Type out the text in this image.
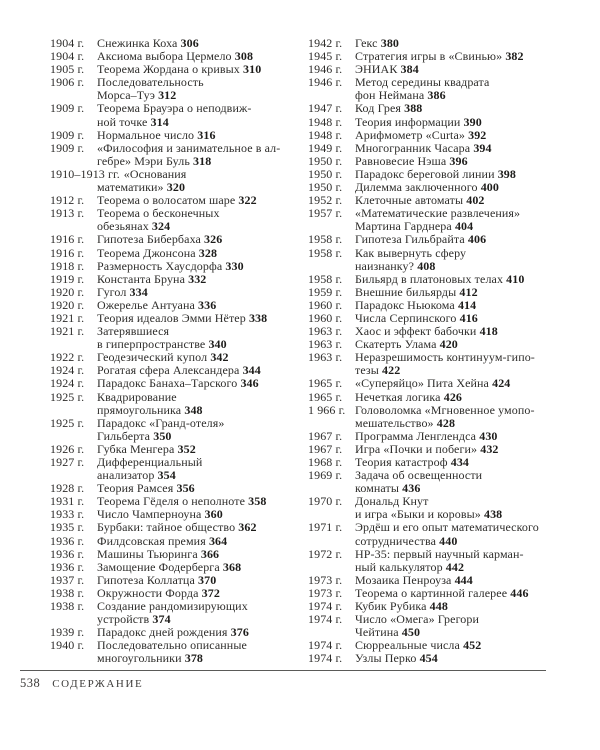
1904 г. Снежинка Коха 306

1904 г. Аксиома выбора Цермело 308

1905 г. Теорема Жордана о кривых 310

1906 г. Последовательность
Морса–Туэ 312

1909 г. Теорема Брауэра о неподвиж-
ной точке 314

1909 г. Нормальное число 316

1909 г. «Философия и занимательное в ал-
гебре» Мэри Буль 318

1910–1913 гг. «Основания
математики» 320

1912 г. Теорема о волосатом шаре 322

1913 г. Теорема о бесконечных
обезьянах 324

1916 г. Гипотеза Бибербаха 326

1916 г. Теорема Джонсона 328

1918 г. Размерность Хаусдорфа 330

1919 г. Константа Бруна 332

1920 г. Гугол 334

1920 г. Ожерелье Антуана 336

1921 г. Теория идеалов Эмми Нётер 338

1921 г. Затерявшиеся
в гиперпространстве 340

1922 г. Геодезический купол 342

1924 г. Рогатая сфера Александера 344

1924 г. Парадокс Банаха–Тарского 346

1925 г. Квадрирование
прямоугольника 348

1925 г. Парадокс «Гранд-отеля»
Гильберта 350

1926 г. Губка Менгера 352

1927 г. Дифференциальный
анализатор 354

1928 г. Теория Рамсея 356

1931 г. Теорема Гёделя о неполноте 358

1933 г. Число Чамперноуна 360

1935 г. Бурбаки: тайное общество 362

1936 г. Филдсовская премия 364

1936 г. Машины Тьюринга 366

1936 г. Замощение Фодерберга 368

1937 г. Гипотеза Коллатца 370

1938 г. Окружности Форда 372

1938 г. Создание рандомизирующих
устройств 374

1939 г. Парадокс дней рождения 376

1940 г. Последовательно описанные
многоугольники 378

1942 г. Гекс 380

1945 г. Стратегия игры в «Свинью» 382

1946 г. ЭНИАК 384

1946 г. Метод середины квадрата
фон Неймана 386

1947 г. Код Грея 388

1948 г. Теория информации 390

1948 г. Арифмометр «Curta» 392

1949 г. Многогранник Часара 394

1950 г. Равновесие Нэша 396

1950 г. Парадокс береговой линии 398

1950 г. Дилемма заключенного 400

1952 г. Клеточные автоматы 402

1957 г. «Математические развлечения»
Мартина Гарднера 404

1958 г. Гипотеза Гильбрайта 406

1958 г. Как вывернуть сферу
наизнанку? 408

1958 г. Бильярд в платоновых телах 410

1959 г. Внешние бильярды 412

1960 г. Парадокс Ньюкома 414

1960 г. Числа Серпинского 416

1963 г. Хаос и эффект бабочки 418

1963 г. Скатерть Улама 420

1963 г. Неразрешимость континуум-гипо-
тезы 422

1965 г. «Суперяйцо» Пита Хейна 424

1965 г. Нечеткая логика 426

1 966 г. Головоломка «Мгновенное умопо-
мешательство» 428

1967 г. Программа Ленглендса 430

1967 г. Игра «Почки и побеги» 432

1968 г. Теория катастроф 434

1969 г. Задача об освещенности
комнаты 436

1970 г. Дональд Кнут
и игра «Быки и коровы» 438

1971 г. Эрдёш и его опыт математического
сотрудничества 440

1972 г. HP-35: первый научный карман-
ный калькулятор 442

1973 г. Мозаика Пенроуза 444

1973 г. Теорема о картинной галерее 446

1974 г. Кубик Рубика 448

1974 г. Число «Омега» Грегори
Чейтина 450

1974 г. Сюрреальные числа 452

1974 г. Узлы Перко 454

538 СОДЕРЖАНИЕ
